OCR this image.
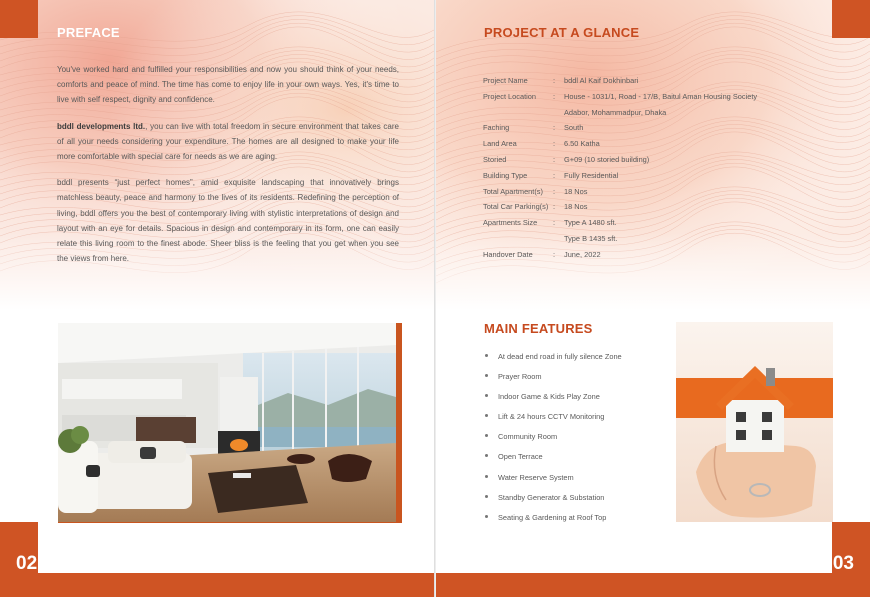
PREFACE

You've worked hard and fulfilled your responsibilities and now you should think of your needs, comforts and peace of mind. The time has come to enjoy life in your own ways. Yes, it's time to live with self respect, dignity and confidence.

bddl developments ltd., you can live with total freedom in secure environment that takes care of all your needs considering your expenditure. The homes are all designed to make your life more comfortable with special care for needs as we are aging.

bddl presents “just perfect homes”, amid exquisite landscaping that innovatively brings matchless beauty, peace and harmony to the lives of its residents. Redefining the perception of living, bddl offers you the best of contemporary living with stylistic interpretations of design and layout with an eye for details. Spacious in design and contemporary in its form, one can easily relate this living room to the finest abode. Sheer bliss is the feeling that you get when you see the views from here.

02
PROJECT AT A GLANCE
Project Name	: bddl Al Kaif Dokhinbari
Project Location	: House - 1031/1, Road - 17/B, Baitul Aman Housing Society
Adabor, Mohammadpur, Dhaka
Faching	: South
Land Area	: 6.50 Katha
Storied	: G+09 (10 storied building)
Building Type	: Fully Residential
Total Apartment(s)	: 18 Nos
Total Car Parking(s) : 18 Nos
Apartments Size	: Type A 1480 sft.
Type B 1435 sft.
Handover Date	: June, 2022
MAIN FEATURES
At dead end road in fully silence Zone
Prayer Room
Indoor Game & Kids Play Zone
Lift & 24 hours CCTV Monitoring
Community Room
Open Terrace
Water Reserve System
Standby Generator & Substation
Seating & Gardening at Roof Top
03
